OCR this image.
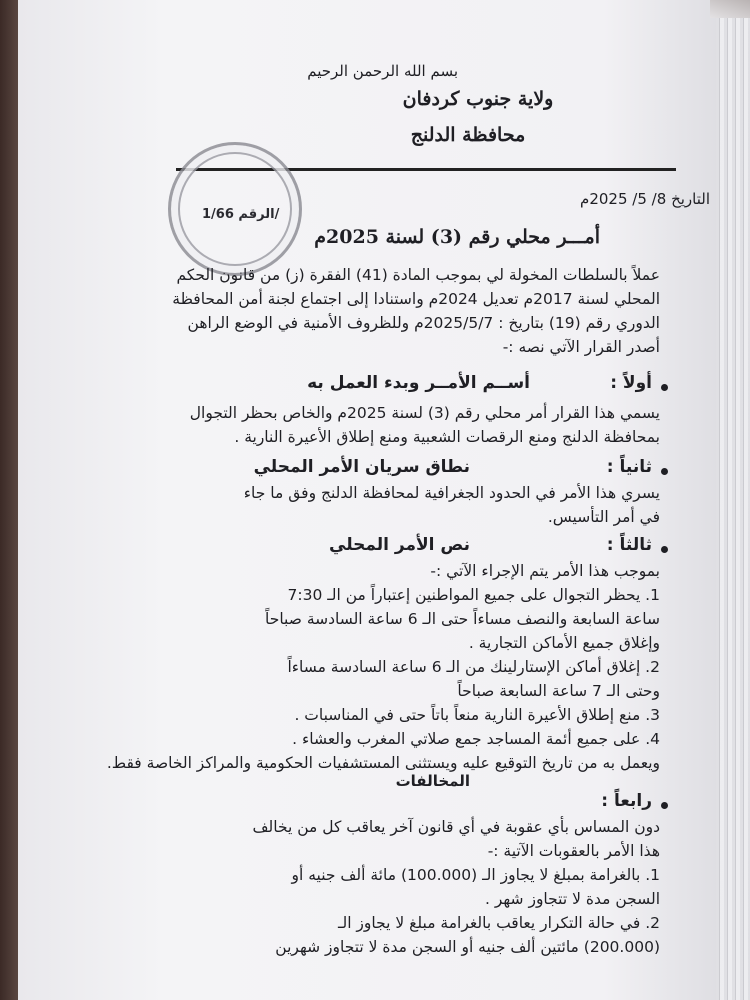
بسم الله الرحمن الرحيم
ولاية جنوب كردفان
محافظة الدلنج
الرقم 1/66/
التاريخ 8/ 5/ 2025م
أمـــر محلي رقم (3) لسنة 2025م
عملاً بالسلطات المخولة لي بموجب المادة (41) الفقرة (ز) من قانون الحكم
المحلي لسنة 2017م تعديل 2024م واستنادا إلى اجتماع لجنة أمن المحافظة
الدوري رقم (19) بتاريخ : 2025/5/7م وللظروف الأمنية في الوضع الراهن
أصدر القرار الآتي نصه :-
أولاً :
أســم الأمــر وبدء العمل به
يسمي هذا القرار أمر محلي رقم (3) لسنة 2025م والخاص بحظر التجوال
بمحافظة الدلنج ومنع الرقصات الشعبية ومنع إطلاق الأعيرة النارية .
ثانياً :
نطاق سريان الأمر المحلي
يسري هذا الأمر في الحدود الجغرافية لمحافظة الدلنج وفق ما جاء
في أمر التأسيس.
ثالثاً :
نص الأمر المحلي
بموجب هذا الأمر يتم الإجراء الآتي :-
1. يحظر التجوال على جميع المواطنين إعتباراً من الـ 7:30
ساعة السابعة والنصف مساءاً حتى الـ 6 ساعة السادسة صباحاً
وإغلاق جميع الأماكن التجارية .
2. إغلاق أماكن الإستارلينك من الـ 6 ساعة السادسة مساءاً
وحتى الـ 7 ساعة السابعة صباحاً
3. منع إطلاق الأعيرة النارية منعاً باتاً حتى في المناسبات .
4. على جميع أئمة المساجد جمع صلاتي المغرب والعشاء .
ويعمل به من تاريخ التوقيع عليه ويستثنى المستشفيات الحكومية والمراكز الخاصة فقط.
المخالفات
رابعاً :
دون المساس بأي عقوبة في أي قانون آخر يعاقب كل من يخالف
هذا الأمر بالعقوبات الآتية :-
1. بالغرامة بمبلغ لا يجاوز الـ (100.000) مائة ألف جنيه أو
السجن مدة لا تتجاوز شهر .
2. في حالة التكرار يعاقب بالغرامة مبلغ لا يجاوز الـ
(200.000) مائتين ألف جنيه أو السجن مدة لا تتجاوز شهرين
